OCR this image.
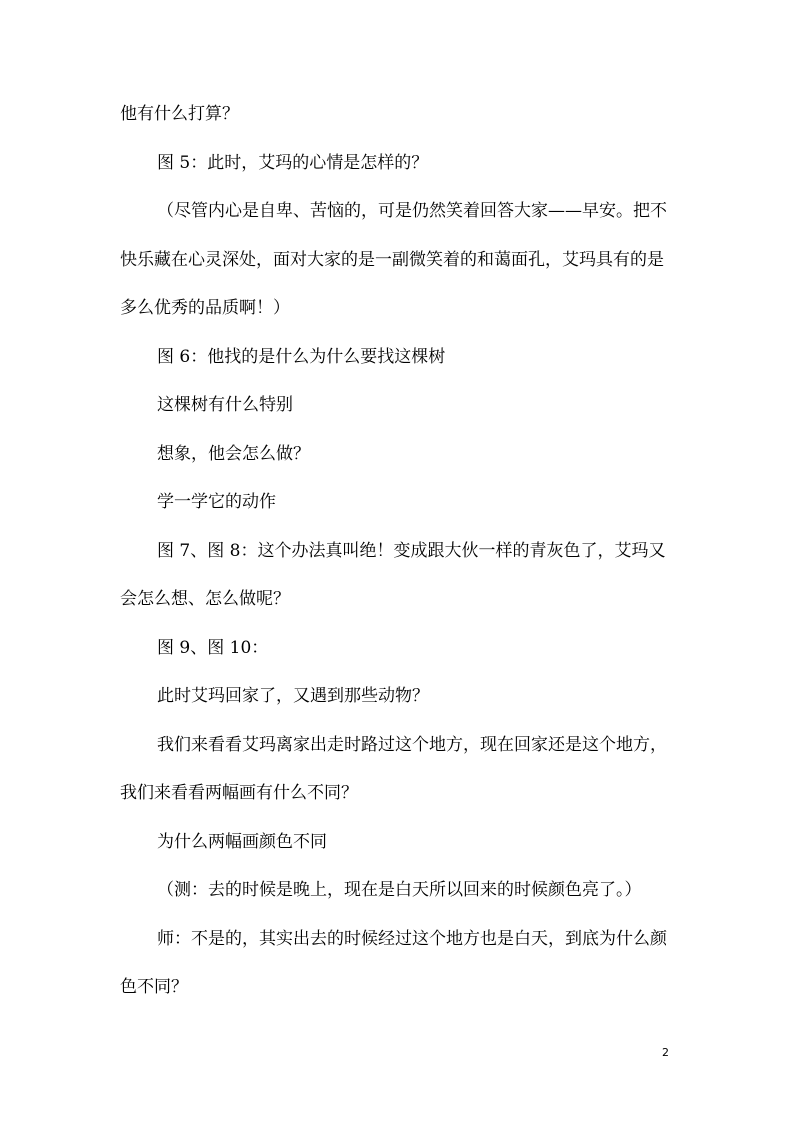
他有什么打算？

图 5：此时，艾玛的心情是怎样的？

（尽管内心是自卑、苦恼的，可是仍然笑着回答大家——早安。把不快乐藏在心灵深处，面对大家的是一副微笑着的和蔼面孔，艾玛具有的是多么优秀的品质啊！）

图 6：他找的是什么为什么要找这棵树

这棵树有什么特别

想象，他会怎么做？

学一学它的动作

图 7、图 8：这个办法真叫绝！变成跟大伙一样的青灰色了，艾玛又会怎么想、怎么做呢？

图 9、图 10：

此时艾玛回家了，又遇到那些动物？

我们来看看艾玛离家出走时路过这个地方，现在回家还是这个地方，我们来看看两幅画有什么不同？

为什么两幅画颜色不同

（测：去的时候是晚上，现在是白天所以回来的时候颜色亮了。）

师：不是的，其实出去的时候经过这个地方也是白天，到底为什么颜色不同？

2
